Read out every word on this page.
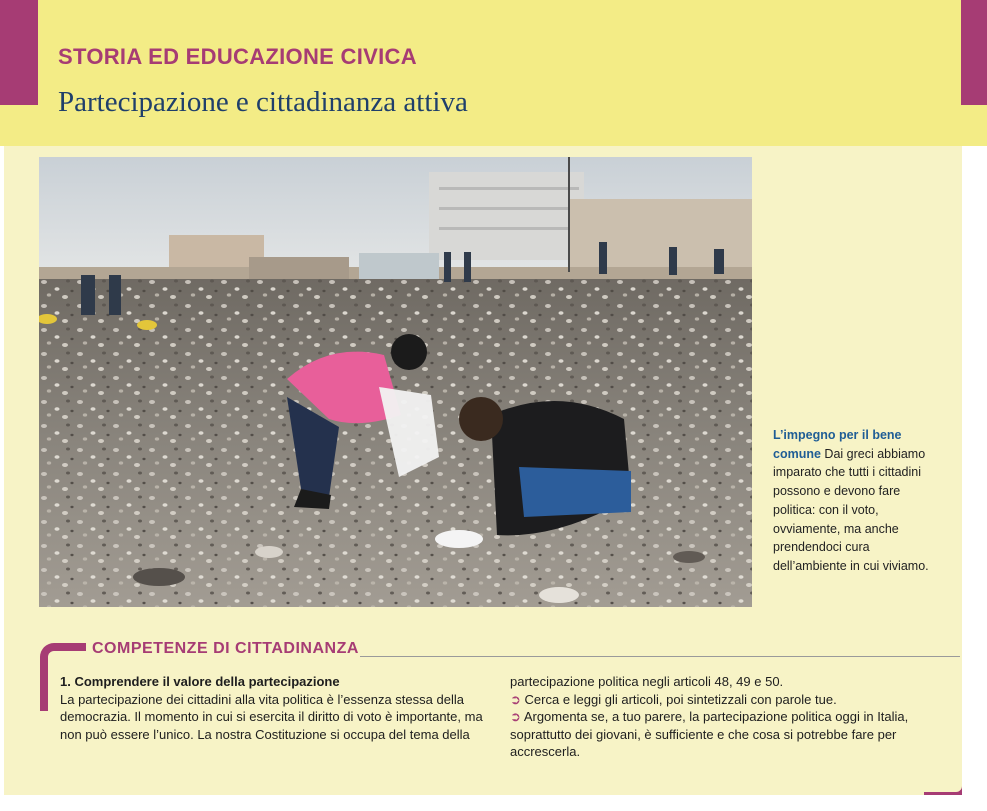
STORIA ED EDUCAZIONE CIVICA
Partecipazione e cittadinanza attiva
L’impegno per il bene comune Dai greci abbiamo imparato che tutti i cittadini possono e devono fare politica: con il voto, ovviamente, ma anche prendendoci cura dell’ambiente in cui viviamo.
COMPETENZE DI CITTADINANZA
1. Comprendere il valore della partecipazione
La partecipazione dei cittadini alla vita politica è l’essenza stessa della democrazia. Il momento in cui si esercita il diritto di voto è importante, ma non può essere l’unico. La nostra Costituzione si occupa del tema della
partecipazione politica negli articoli 48, 49 e 50.
➲ Cerca e leggi gli articoli, poi sintetizzali con parole tue.
➲ Argomenta se, a tuo parere, la partecipazione politica oggi in Italia, soprattutto dei giovani, è sufficiente e che cosa si potrebbe fare per accrescerla.
